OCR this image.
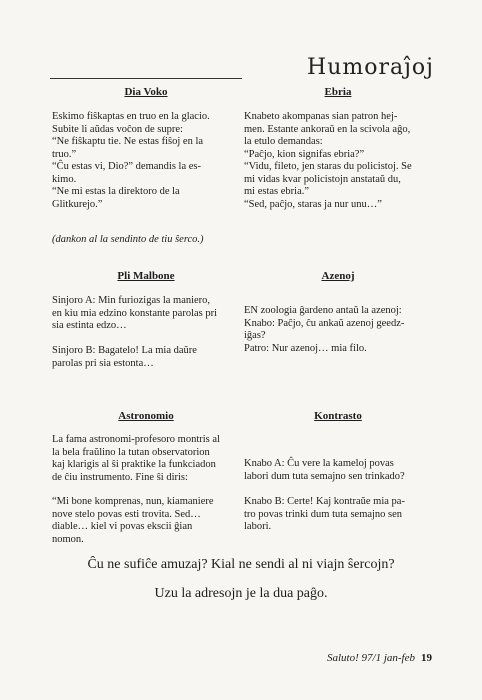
Humoraĵoj
Dia Voko

Eskimo fiŝkaptas en truo en la glacio.

Subite li aŭdas voĉon de supre:

“Ne fiŝkaptu tie. Ne estas fiŝoj en la

truo.”

“Ĉu estas vi, Dio?” demandis la es-

kimo.

“Ne mi estas la direktoro de la

Glitkurejo.”

(dankon al la sendinto de tiu ŝerco.)
Ebria

Knabeto akompanas sian patron hej-

men. Estante ankoraŭ en la scivola aĝo,

la etulo demandas:

“Paĉjo, kion signifas ebria?”

“Vidu, fileto, jen staras du policistoj. Se

mi vidas kvar policistojn anstataŭ du,

mi estas ebria.”

“Sed, paĉjo, staras ja nur unu…”

Pli Malbone

Sinjoro A: Min furiozigas la maniero,

en kiu mia edzino konstante parolas pri

sia estinta edzo…

Sinjoro B: Bagatelo! La mia daŭre

parolas pri sia estonta…

Azenoj

EN zoologia ĝardeno antaŭ la azenoj:

Knabo: Paĉjo, ĉu ankaŭ azenoj geedz-

iĝas?

Patro: Nur azenoj… mia filo.

Astronomio

La fama astronomi-profesoro montris al

la bela fraŭlino la tutan observatorion

kaj klarigis al ŝi praktike la funkciadon

de ĉiu instrumento. Fine ŝi diris:

“Mi bone komprenas, nun, kiamaniere

nove stelo povas esti trovita. Sed…

diable… kiel vi povas ekscii ĝian

nomon.

Kontrasto

Knabo A: Ĉu vere la kameloj povas

labori dum tuta semajno sen trinkado?

Knabo B: Certe! Kaj kontraŭe mia pa-

tro povas trinki dum tuta semajno sen

labori.

Ĉu ne sufiĉe amuzaj? Kial ne sendi al ni viajn ŝercojn?
Uzu la adresojn je la dua paĝo.
Saluto! 97/1 jan-feb 19
